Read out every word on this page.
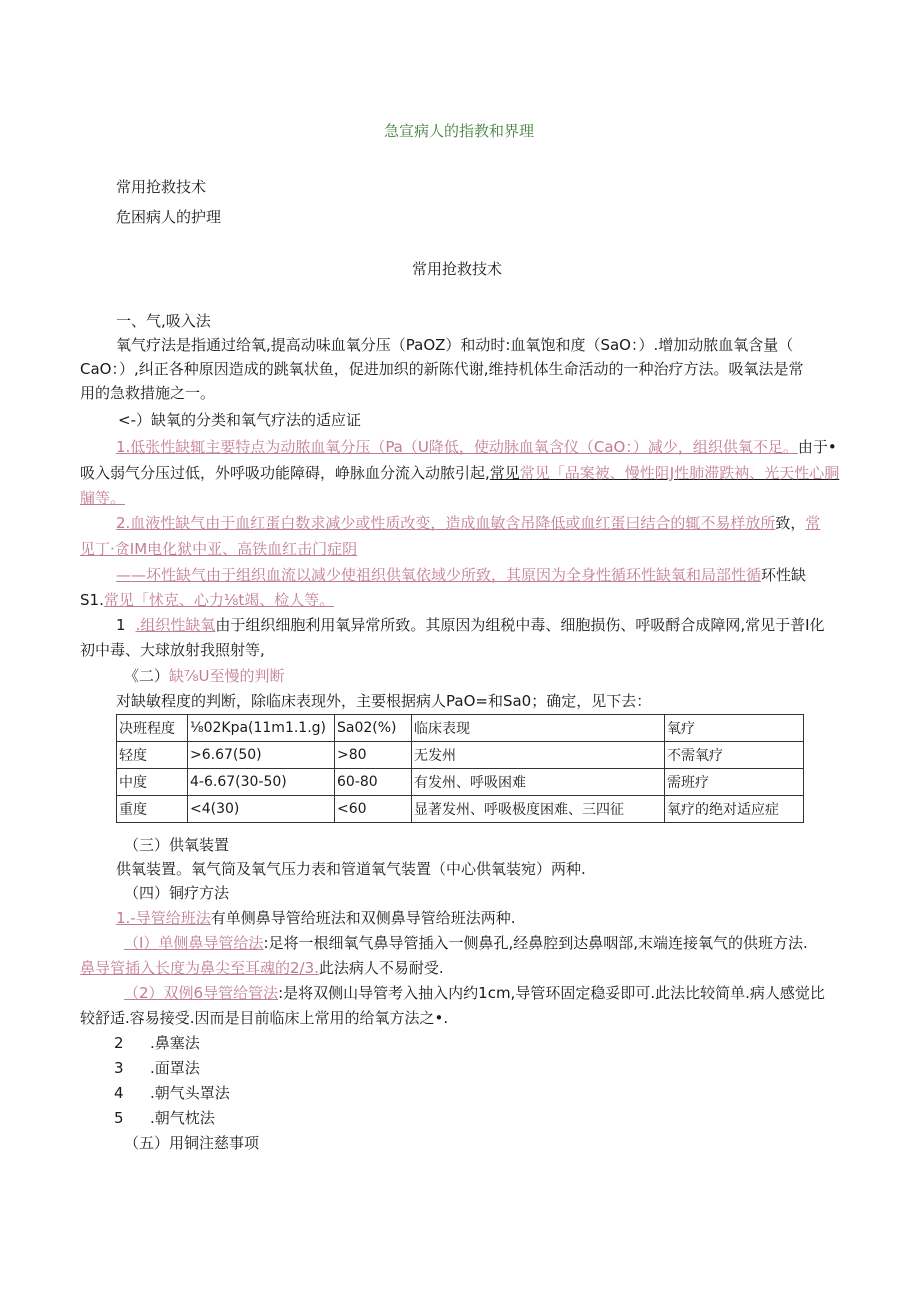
急宣病人的指教和界理
常用抢救技术
危困病人的护理
常用抢救技术
一、气,吸入法
氧气疗法是指通过给氧,提高动味血氧分压（PaOZ）和动时:血氧饱和度（SaO：）.增加动脓血氧含量（
CaO：）,纠正各种原因造成的跳氧状鱼，促进加织的新陈代谢,维持机体生命活动的一种治疗方法。吸氧法是常
用的急救措施之一。
<-）缺氧的分类和氧气疗法的适应证
1.低张性缺辄主要特点为动脓血氧分压（Pa（U降低，使动脉血氧含仪（CaO：）减少，组织供氧不足。由于•
吸入弱气分压过低，外呼吸功能障碍，峥脉血分流入动脓引起,常见常见「品案被、慢性阻J性肺滞跌衲、光天性心胴
牖等。
2.血液性缺气由于血红蛋白数求减少或性质改变，造成血敏含吊降低或血红蛋曰结合的辄不易样放所致，常
见丁·贪IM电化狱中亚、高铁血红击门症阴
——坏性缺气由于组织血流以减少使祖织供氧依域少所致，其原因为全身性循环性缺氧和局部性循环性缺
S1.常见「怵克、心力⅛t竭、检人等。
1 .组织性缺氧由于组织细胞利用氧异常所致。其原因为组税中毒、细胞损伤、呼吸酹合成障网,常见于普I化
初中毒、大球放射我照射等,
《二）缺⅞U至慢的判断
对缺敏程度的判断，除临床表现外，主要根据病人PaO=和Sa0；确定，见下去：
决班程度	⅛02Kpa(11m1.1.g)	Sa02(%)	临床表现	氧疗
轻度	>6.67(50)	>80	无发州	不需氧疗
中度	4-6.67(30-50)	60-80	有发州、呼吸困难	需班疗
重度	<4(30)	<60	显著发州、呼吸极度困难、三四征	氧疗的绝对适应症
（三）供氧装置
供氧装置。氧气筒及氧气压力表和管道氧气装置（中心供氧装宛）两种.
（四）铜疗方法
1.-导管给班法有单侧鼻导管给班法和双侧鼻导管给班法两种.
（I）单侧鼻导管给法:足将一根细氧气鼻导管插入一侧鼻孔,经鼻腔到达鼻咽部,末端连接氧气的供班方法.
鼻导管插入长度为鼻尖至耳魂的2/3.此法病人不易耐受.
（2）双例6导管给管法:是将双侧山导管考入抽入内约1cm,导管环固定稳妥即可.此法比较简单.病人感觉比
较舒适.容易接受.因而是目前临床上常用的给氧方法之•.
2 .鼻塞法
3 .面罩法
4 .朝气头罩法
5 .朝气枕法
（五）用铜注慈事项
